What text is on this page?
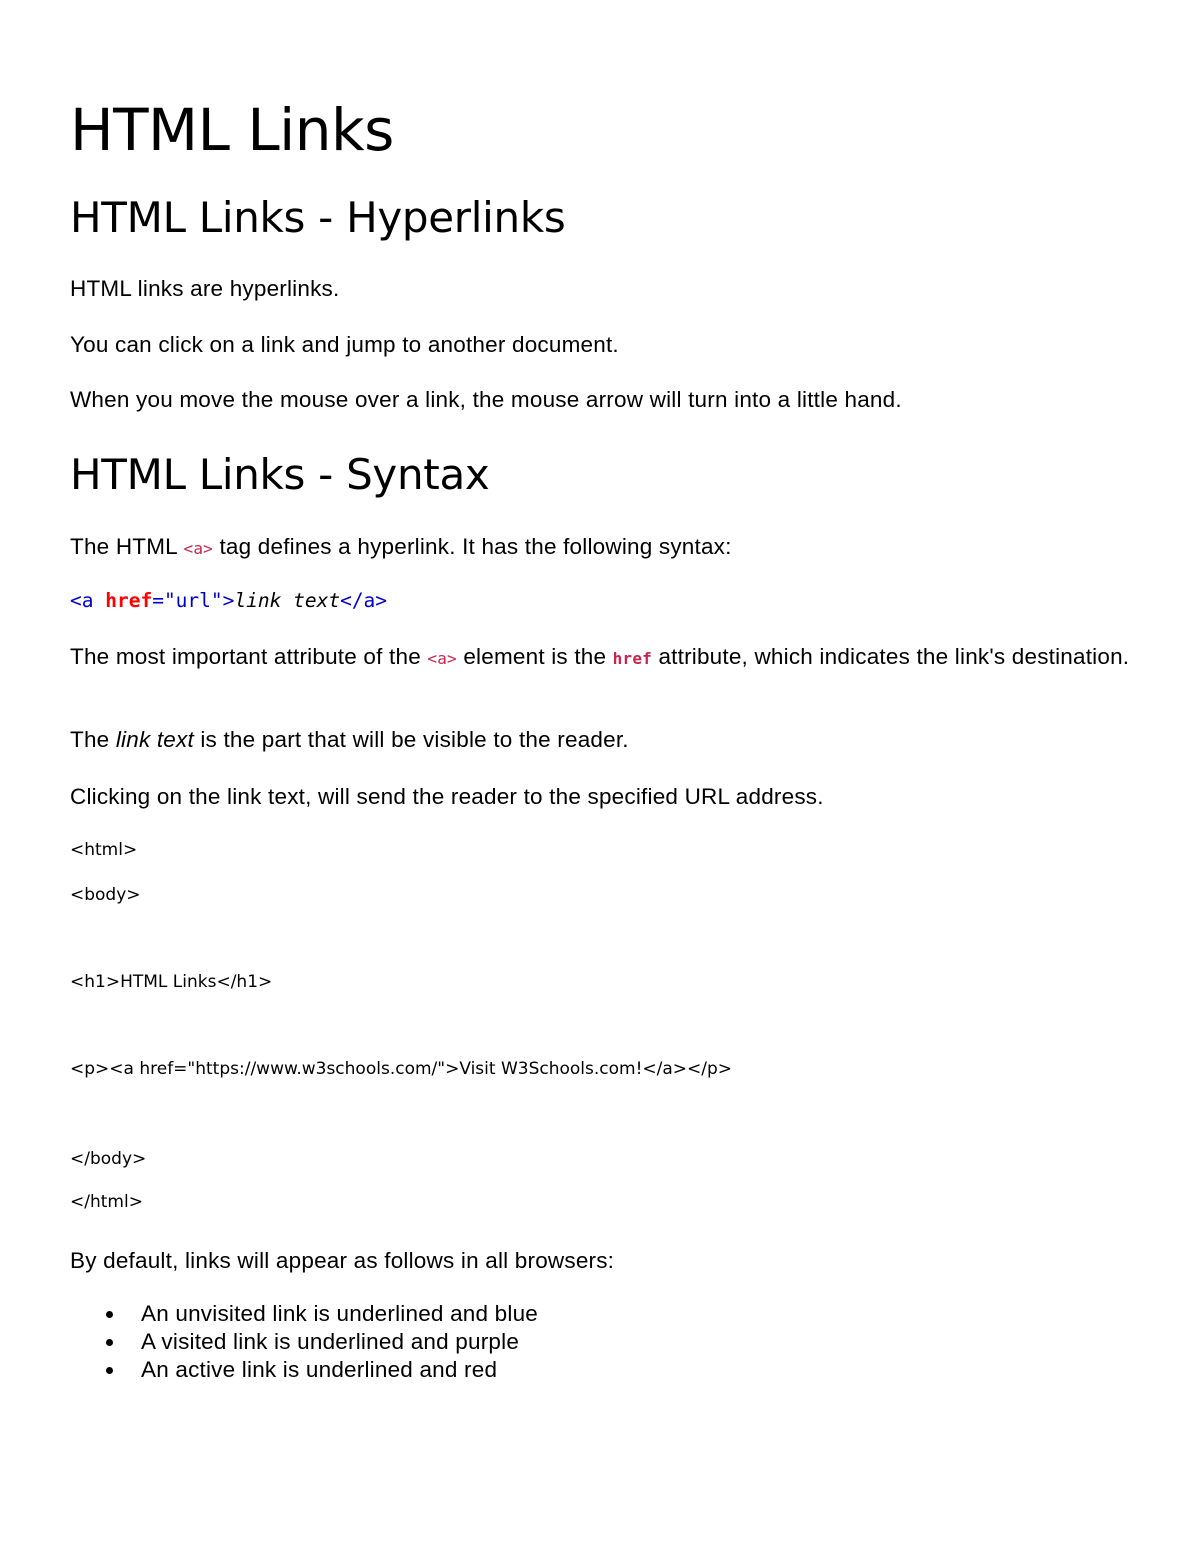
HTML Links
HTML Links - Hyperlinks

HTML links are hyperlinks.

You can click on a link and jump to another document.

When you move the mouse over a link, the mouse arrow will turn into a little hand.

HTML Links - Syntax

The HTML <a> tag defines a hyperlink. It has the following syntax:

<a href="url">link text</a>

The most important attribute of the <a> element is the href attribute, which indicates the link's destination.

The link text is the part that will be visible to the reader.

Clicking on the link text, will send the reader to the specified URL address.

<html>

<body>

<h1>HTML Links</h1>

<p><a href="https://www.w3schools.com/">Visit W3Schools.com!</a></p>

</body>

</html>

By default, links will appear as follows in all browsers:

An unvisited link is underlined and blue
A visited link is underlined and purple
An active link is underlined and red
